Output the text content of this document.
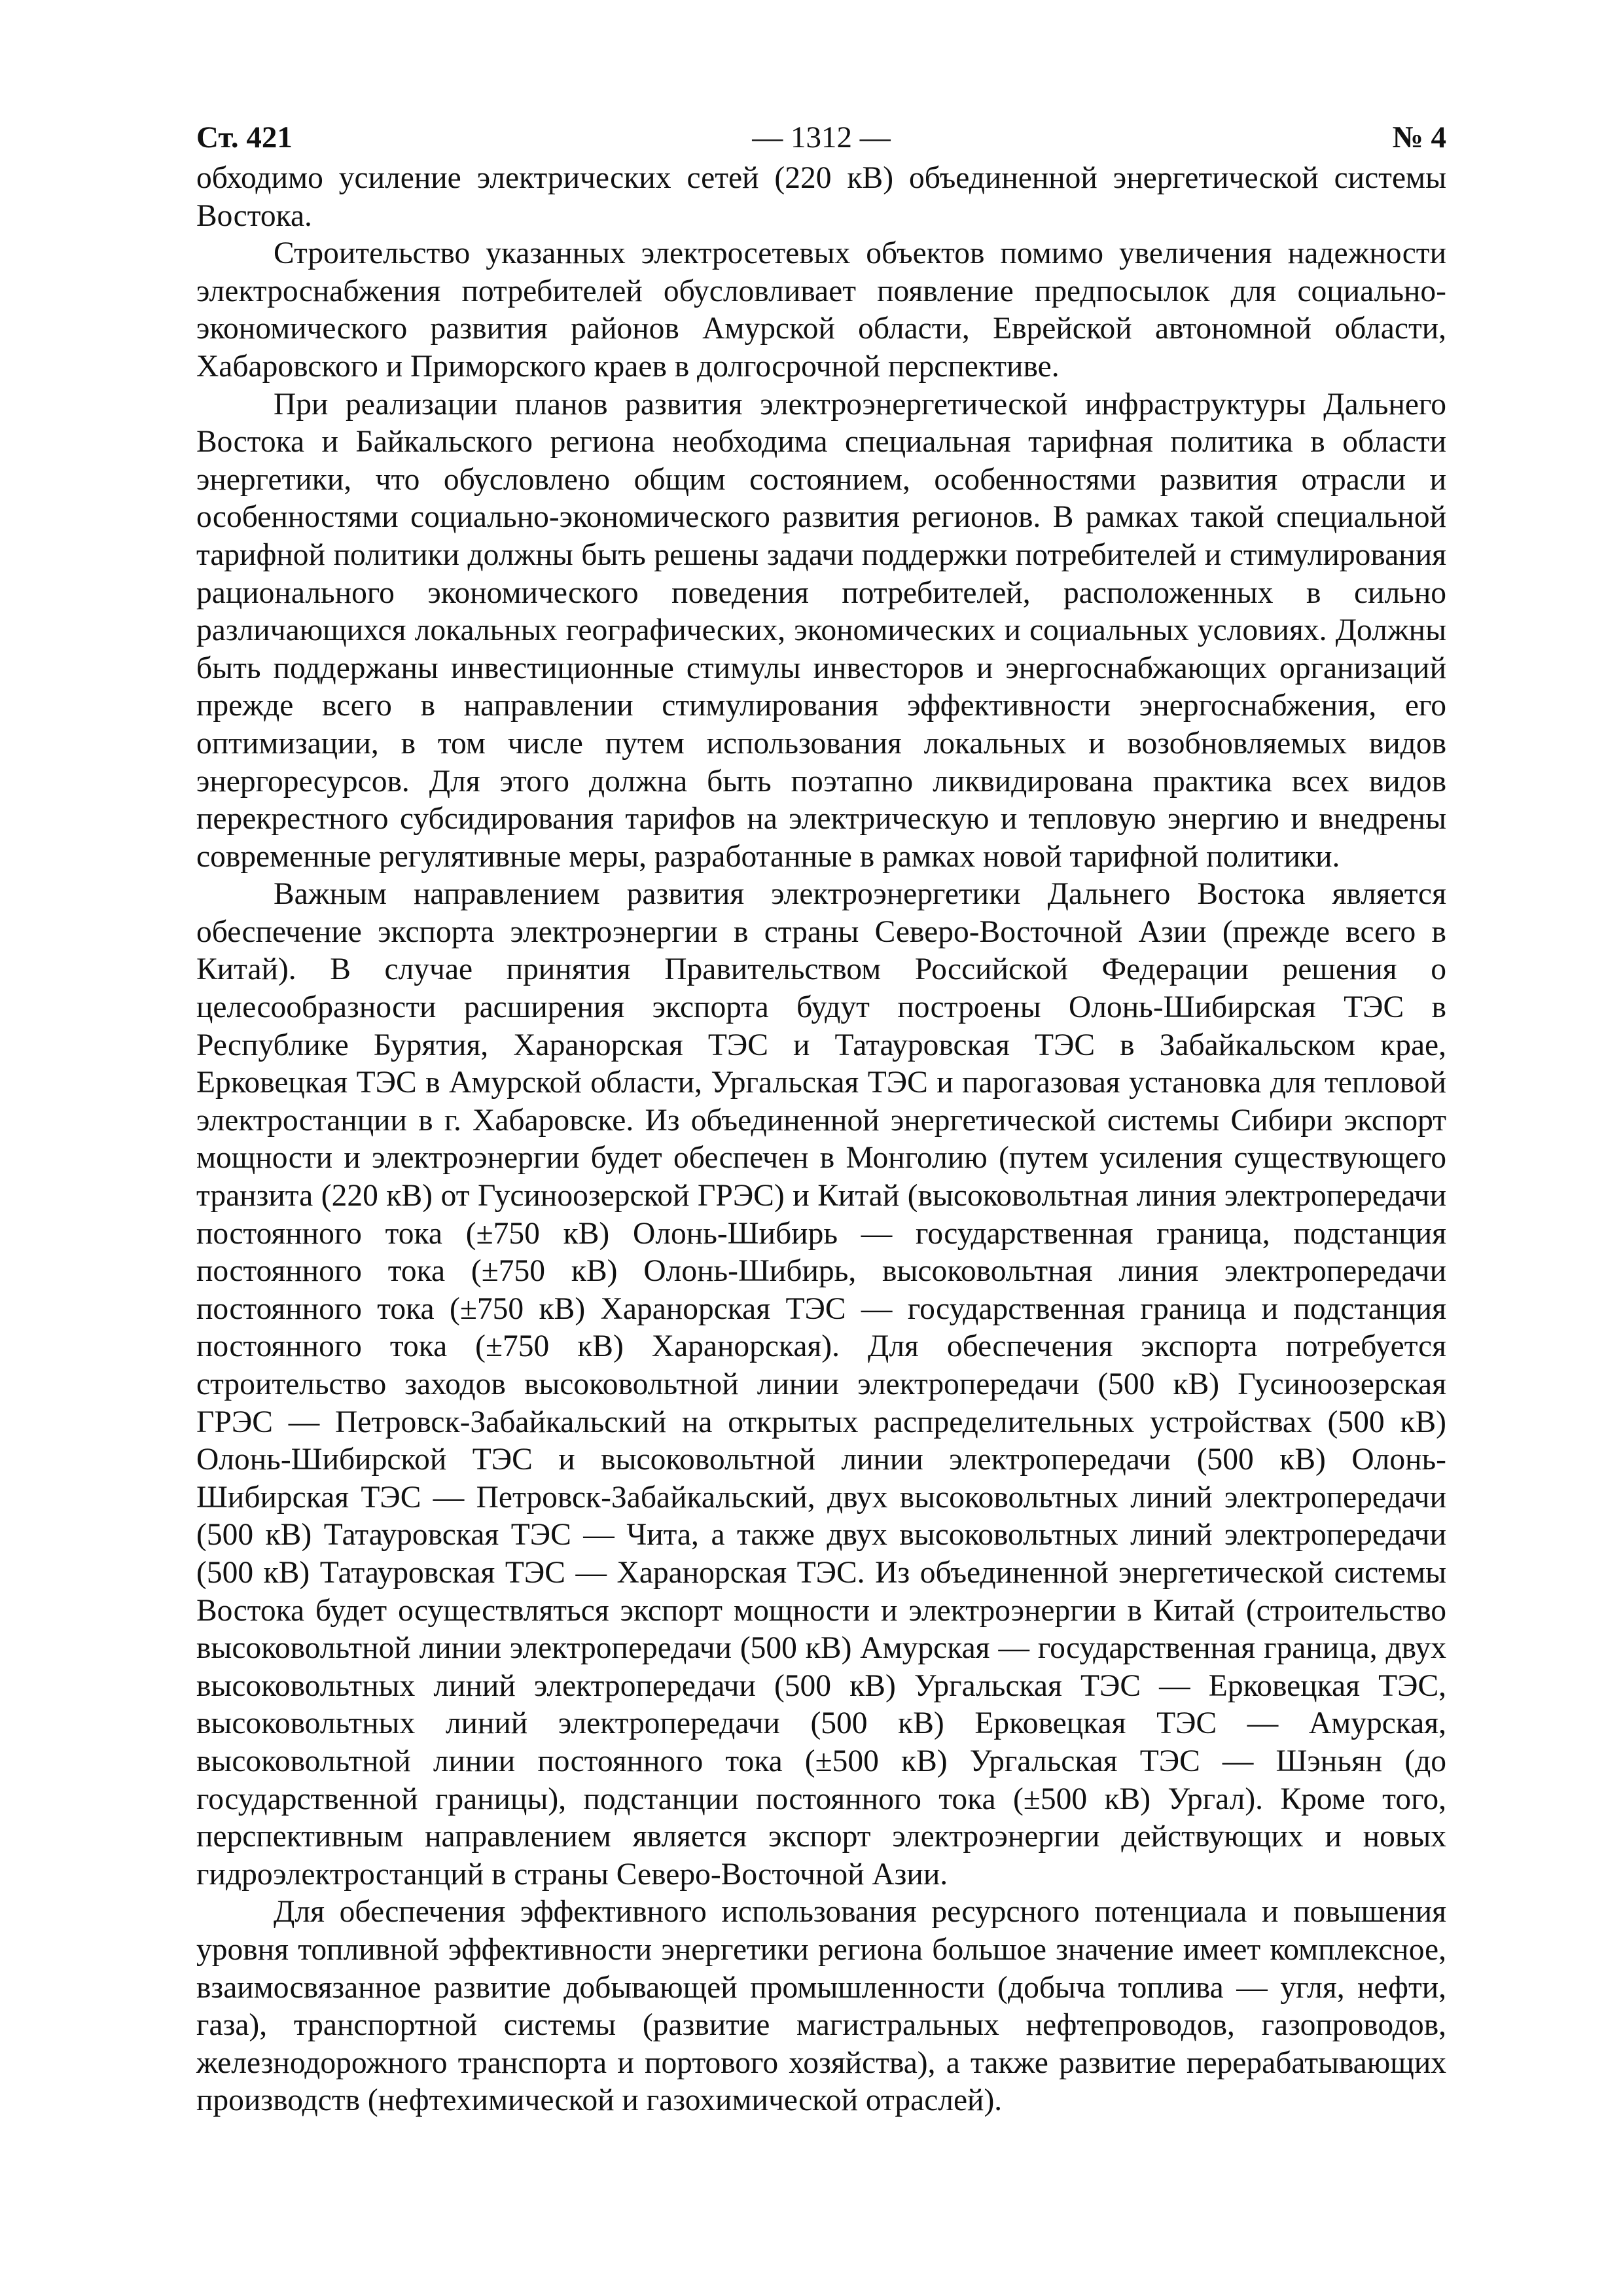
Ст. 421	— 1312 —	№ 4

обходимо усиление электрических сетей (220 кВ) объединенной энергетической системы Востока.

Строительство указанных электросетевых объектов помимо увеличения надежности электроснабжения потребителей обусловливает появление предпосылок для социально-экономического развития районов Амурской области, Еврейской автономной области, Хабаровского и Приморского краев в долгосрочной перспективе.

При реализации планов развития электроэнергетической инфраструктуры Дальнего Востока и Байкальского региона необходима специальная тарифная политика в области энергетики, что обусловлено общим состоянием, особенностями развития отрасли и особенностями социально-экономического развития регионов. В рамках такой специальной тарифной политики должны быть решены задачи поддержки потребителей и стимулирования рационального экономического поведения потребителей, расположенных в сильно различающихся локальных географических, экономических и социальных условиях. Должны быть поддержаны инвестиционные стимулы инвесторов и энергоснабжающих организаций прежде всего в направлении стимулирования эффективности энергоснабжения, его оптимизации, в том числе путем использования локальных и возобновляемых видов энергоресурсов. Для этого должна быть поэтапно ликвидирована практика всех видов перекрестного субсидирования тарифов на электрическую и тепловую энергию и внедрены современные регулятивные меры, разработанные в рамках новой тарифной политики.

Важным направлением развития электроэнергетики Дальнего Востока является обеспечение экспорта электроэнергии в страны Северо-Восточной Азии (прежде всего в Китай). В случае принятия Правительством Российской Федерации решения о целесообразности расширения экспорта будут построены Олонь-Шибирская ТЭС в Республике Бурятия, Харанорская ТЭС и Татауровская ТЭС в Забайкальском крае, Ерковецкая ТЭС в Амурской области, Ургальская ТЭС и парогазовая установка для тепловой электростанции в г. Хабаровске. Из объединенной энергетической системы Сибири экспорт мощности и электроэнергии будет обеспечен в Монголию (путем усиления существующего транзита (220 кВ) от Гусиноозерской ГРЭС) и Китай (высоковольтная линия электропередачи постоянного тока (±750 кВ) Олонь-Шибирь — государственная граница, подстанция постоянного тока (±750 кВ) Олонь-Шибирь, высоковольтная линия электропередачи постоянного тока (±750 кВ) Харанорская ТЭС — государственная граница и подстанция постоянного тока (±750 кВ) Харанорская). Для обеспечения экспорта потребуется строительство заходов высоковольтной линии электропередачи (500 кВ) Гусиноозерская ГРЭС — Петровск-Забайкальский на открытых распределительных устройствах (500 кВ) Олонь-Шибирской ТЭС и высоковольтной линии электропередачи (500 кВ) Олонь-Шибирская ТЭС — Петровск-Забайкальский, двух высоковольтных линий электропередачи (500 кВ) Татауровская ТЭС — Чита, а также двух высоковольтных линий электропередачи (500 кВ) Татауровская ТЭС — Харанорская ТЭС. Из объединенной энергетической системы Востока будет осуществляться экспорт мощности и электроэнергии в Китай (строительство высоковольтной линии электропередачи (500 кВ) Амурская — государственная граница, двух высоковольтных линий электропередачи (500 кВ) Ургальская ТЭС — Ерковецкая ТЭС, высоковольтных линий электропередачи (500 кВ) Ерковецкая ТЭС — Амурская, высоковольтной линии постоянного тока (±500 кВ) Ургальская ТЭС — Шэньян (до государственной границы), подстанции постоянного тока (±500 кВ) Ургал). Кроме того, перспективным направлением является экспорт электроэнергии действующих и новых гидроэлектростанций в страны Северо-Восточной Азии.

Для обеспечения эффективного использования ресурсного потенциала и повышения уровня топливной эффективности энергетики региона большое значение имеет комплексное, взаимосвязанное развитие добывающей промышленности (добыча топлива — угля, нефти, газа), транспортной системы (развитие магистральных нефтепроводов, газопроводов, железнодорожного транспорта и портового хозяйства), а также развитие перерабатывающих производств (нефтехимической и газохимической отраслей).
